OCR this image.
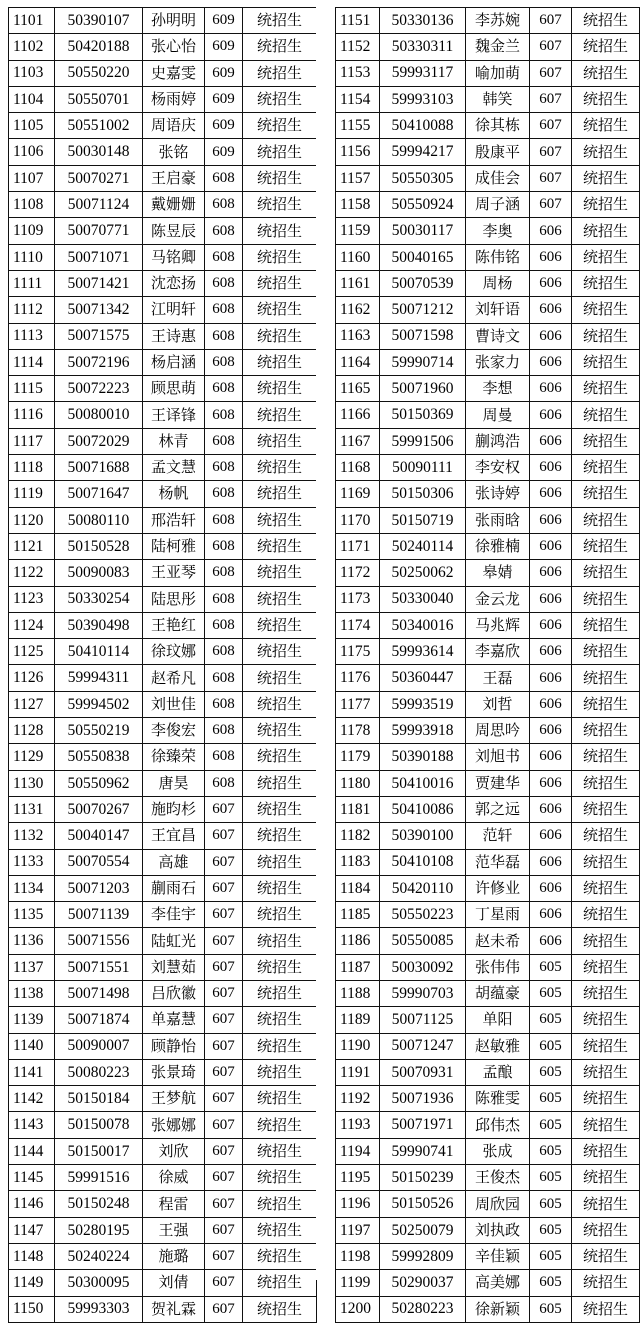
1101	50390107	孙明明	609	统招生
1102	50420188	张心怡	609	统招生
1103	50550220	史嘉雯	609	统招生
1104	50550701	杨雨婷	609	统招生
1105	50551002	周语庆	609	统招生
1106	50030148	张铭	609	统招生
1107	50070271	王启豪	608	统招生
1108	50071124	戴姗姗	608	统招生
1109	50070771	陈昱辰	608	统招生
1110	50071071	马铭卿	608	统招生
1111	50071421	沈恋扬	608	统招生
1112	50071342	江明轩	608	统招生
1113	50071575	王诗惠	608	统招生
1114	50072196	杨启涵	608	统招生
1115	50072223	顾思萌	608	统招生
1116	50080010	王译锋	608	统招生
1117	50072029	林青	608	统招生
1118	50071688	孟文慧	608	统招生
1119	50071647	杨帆	608	统招生
1120	50080110	邢浩轩	608	统招生
1121	50150528	陆柯雅	608	统招生
1122	50090083	王亚琴	608	统招生
1123	50330254	陆思彤	608	统招生
1124	50390498	王艳红	608	统招生
1125	50410114	徐玟娜	608	统招生
1126	59994311	赵希凡	608	统招生
1127	59994502	刘世佳	608	统招生
1128	50550219	李俊宏	608	统招生
1129	50550838	徐臻荣	608	统招生
1130	50550962	唐昊	608	统招生
1131	50070267	施昀杉	607	统招生
1132	50040147	王宜昌	607	统招生
1133	50070554	高雄	607	统招生
1134	50071203	蒯雨石	607	统招生
1135	50071139	李佳宇	607	统招生
1136	50071556	陆虹光	607	统招生
1137	50071551	刘慧茹	607	统招生
1138	50071498	吕欣徽	607	统招生
1139	50071874	单嘉慧	607	统招生
1140	50090007	顾静怡	607	统招生
1141	50080223	张景琦	607	统招生
1142	50150184	王梦航	607	统招生
1143	50150078	张娜娜	607	统招生
1144	50150017	刘欣	607	统招生
1145	59991516	徐威	607	统招生
1146	50150248	程雷	607	统招生
1147	50280195	王强	607	统招生
1148	50240224	施璐	607	统招生
1149	50300095	刘倩	607	统招生
1150	59993303	贺礼霖	607	统招生
1151	50330136	李苏婉	607	统招生
1152	50330311	魏金兰	607	统招生
1153	59993117	喻加萌	607	统招生
1154	59993103	韩笑	607	统招生
1155	50410088	徐其栋	607	统招生
1156	59994217	殷康平	607	统招生
1157	50550305	成佳会	607	统招生
1158	50550924	周子涵	607	统招生
1159	50030117	李奥	606	统招生
1160	50040165	陈伟铭	606	统招生
1161	50070539	周杨	606	统招生
1162	50071212	刘轩语	606	统招生
1163	50071598	曹诗文	606	统招生
1164	59990714	张家力	606	统招生
1165	50071960	李想	606	统招生
1166	50150369	周曼	606	统招生
1167	59991506	蒯鸿浩	606	统招生
1168	50090111	李安权	606	统招生
1169	50150306	张诗婷	606	统招生
1170	50150719	张雨晗	606	统招生
1171	50240114	徐雅楠	606	统招生
1172	50250062	皋婧	606	统招生
1173	50330040	金云龙	606	统招生
1174	50340016	马兆辉	606	统招生
1175	59993614	李嘉欣	606	统招生
1176	50360447	王磊	606	统招生
1177	59993519	刘哲	606	统招生
1178	59993918	周思吟	606	统招生
1179	50390188	刘旭书	606	统招生
1180	50410016	贾建华	606	统招生
1181	50410086	郭之远	606	统招生
1182	50390100	范轩	606	统招生
1183	50410108	范华磊	606	统招生
1184	50420110	许修业	606	统招生
1185	50550223	丁星雨	606	统招生
1186	50550085	赵未希	606	统招生
1187	50030092	张伟伟	605	统招生
1188	59990703	胡蕴豪	605	统招生
1189	50071125	单阳	605	统招生
1190	50071247	赵敏雅	605	统招生
1191	50070931	孟酿	605	统招生
1192	50071936	陈雅雯	605	统招生
1193	50071971	邱伟杰	605	统招生
1194	59990741	张成	605	统招生
1195	50150239	王俊杰	605	统招生
1196	50150526	周欣园	605	统招生
1197	50250079	刘执政	605	统招生
1198	59992809	辛佳颖	605	统招生
1199	50290037	高美娜	605	统招生
1200	50280223	徐新颖	605	统招生
